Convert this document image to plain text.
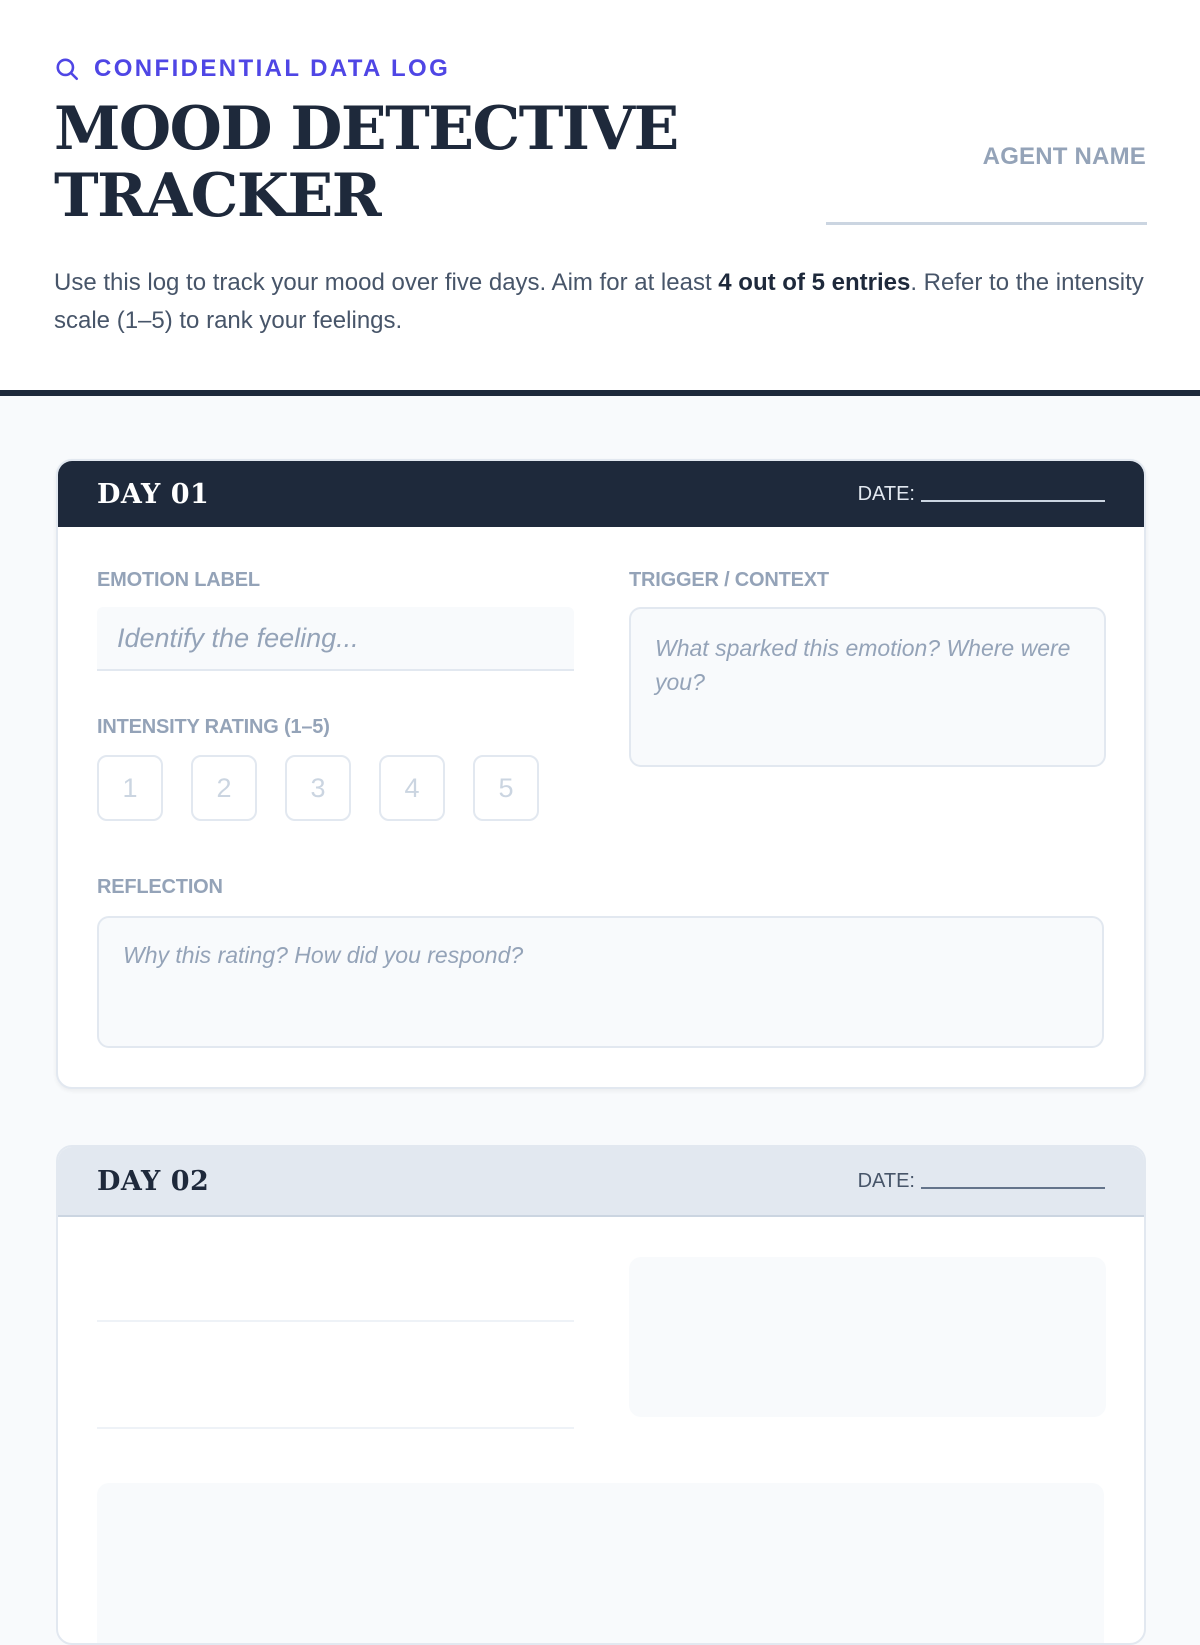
CONFIDENTIAL DATA LOG
MOOD DETECTIVE
TRACKER
AGENT NAME

Use this log to track your mood over five days. Aim for at least 4 out of 5 entries. Refer to the intensity scale (1–5) to rank your feelings.

DAY 01	DATE:
EMOTION LABEL
Identify the feeling...	TRIGGER / CONTEXT
What sparked this emotion? Where were you?
INTENSITY RATING (1–5)
1	2	3	4	5
REFLECTION
Why this rating? How did you respond?
DAY 02	DATE:
